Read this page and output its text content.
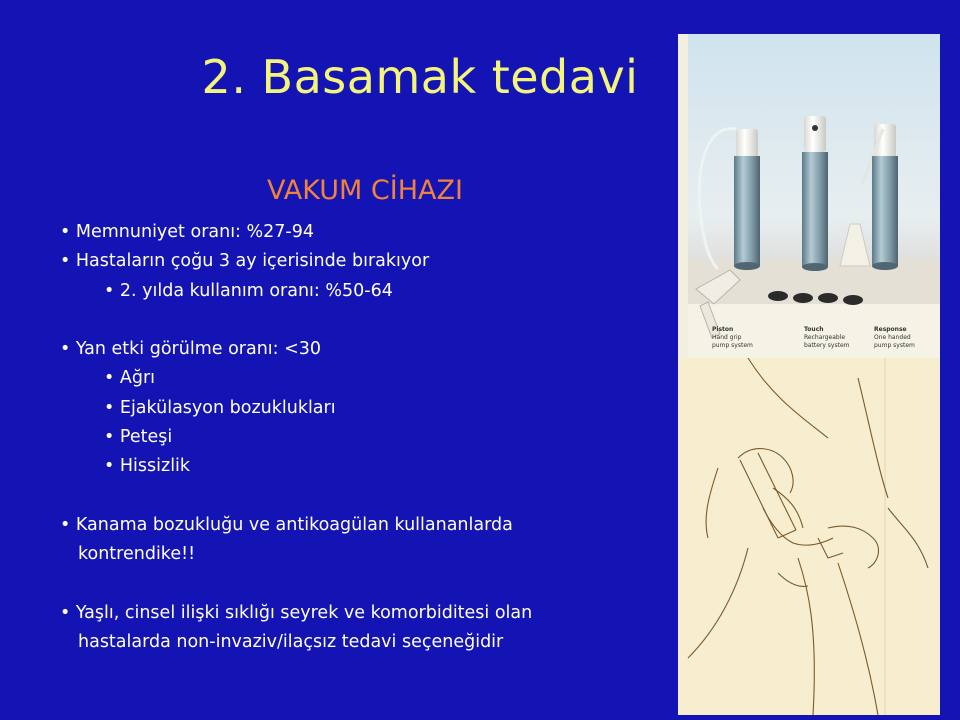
2. Basamak tedavi
VAKUM CİHAZI
• Memnuniyet oranı: %27-94
• Hastaların çoğu 3 ay içerisinde bırakıyor
• 2. yılda kullanım oranı: %50-64
• Yan etki görülme oranı: <30
• Ağrı
• Ejakülasyon bozuklukları
• Peteşi
• Hissizlik
• Kanama bozukluğu ve antikoagülan kullananlarda
kontrendike!!
• Yaşlı, cinsel ilişki sıklığı seyrek ve komorbiditesi olan
hastalarda non-invaziv/ilaçsız tedavi seçeneğidir
Piston
Hand grip
pump system
Touch
Rechargeable
battery system
Response
One handed
pump system
